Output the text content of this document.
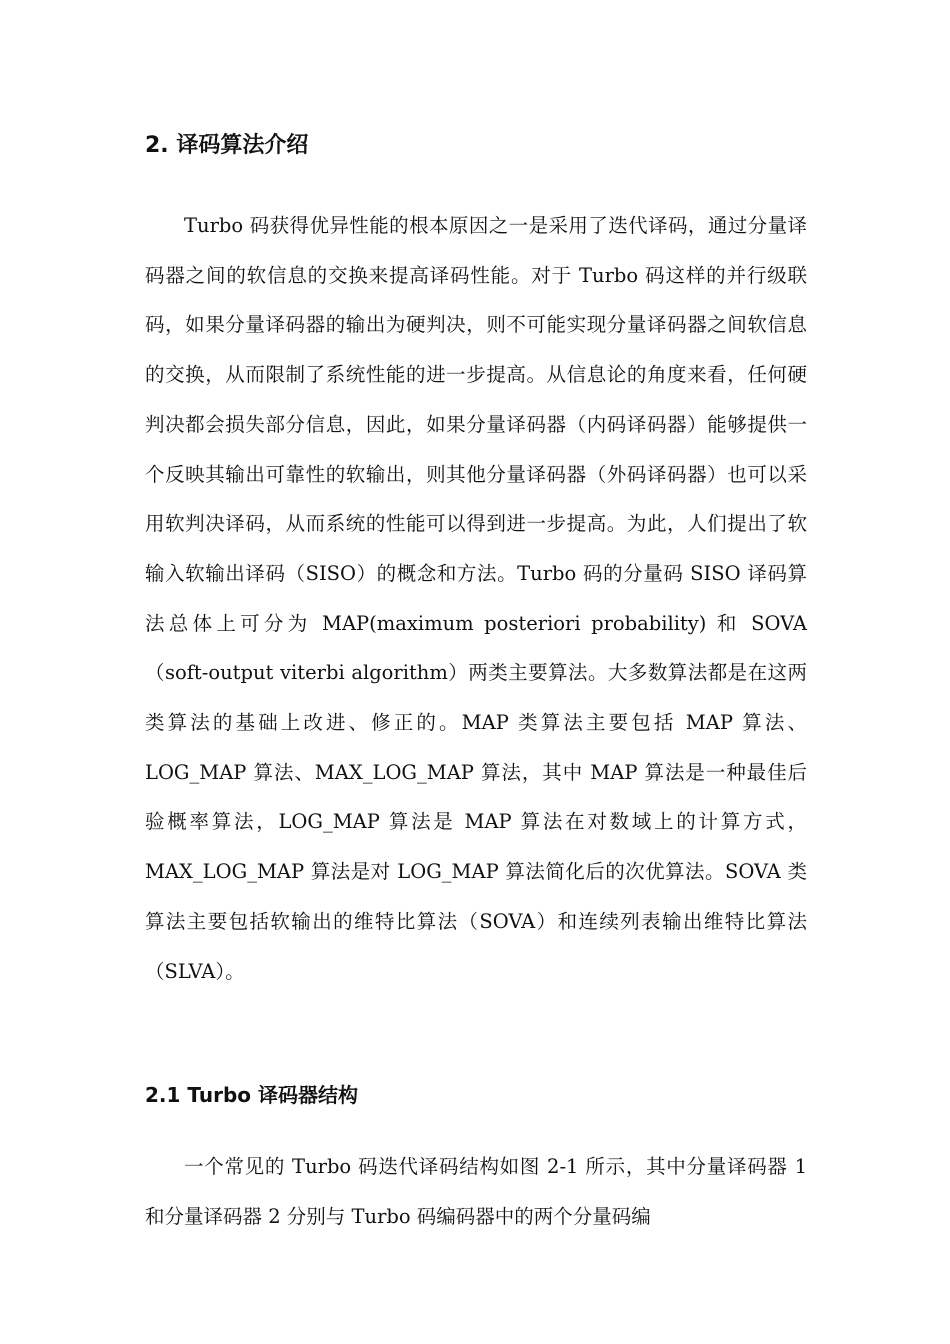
2. 译码算法介绍

Turbo 码获得优异性能的根本原因之一是采用了迭代译码，通过分量译码器之间的软信息的交换来提高译码性能。对于 Turbo 码这样的并行级联码，如果分量译码器的输出为硬判决，则不可能实现分量译码器之间软信息的交换，从而限制了系统性能的进一步提高。从信息论的角度来看，任何硬判决都会损失部分信息，因此，如果分量译码器（内码译码器）能够提供一个反映其输出可靠性的软输出，则其他分量译码器（外码译码器）也可以采用软判决译码，从而系统的性能可以得到进一步提高。为此，人们提出了软输入软输出译码（SISO）的概念和方法。Turbo 码的分量码 SISO 译码算法总体上可分为 MAP(maximum posteriori probability) 和 SOVA （soft-output viterbi algorithm）两类主要算法。大多数算法都是在这两类算法的基础上改进、修正的。MAP 类算法主要包括 MAP 算法、LOG_MAP 算法、MAX_LOG_MAP 算法，其中 MAP 算法是一种最佳后验概率算法，LOG_MAP 算法是 MAP 算法在对数域上的计算方式，MAX_LOG_MAP 算法是对 LOG_MAP 算法简化后的次优算法。SOVA 类算法主要包括软输出的维特比算法（SOVA）和连续列表输出维特比算法（SLVA）。

2.1 Turbo 译码器结构

一个常见的 Turbo 码迭代译码结构如图 2-1 所示，其中分量译码器 1 和分量译码器 2 分别与 Turbo 码编码器中的两个分量码编
